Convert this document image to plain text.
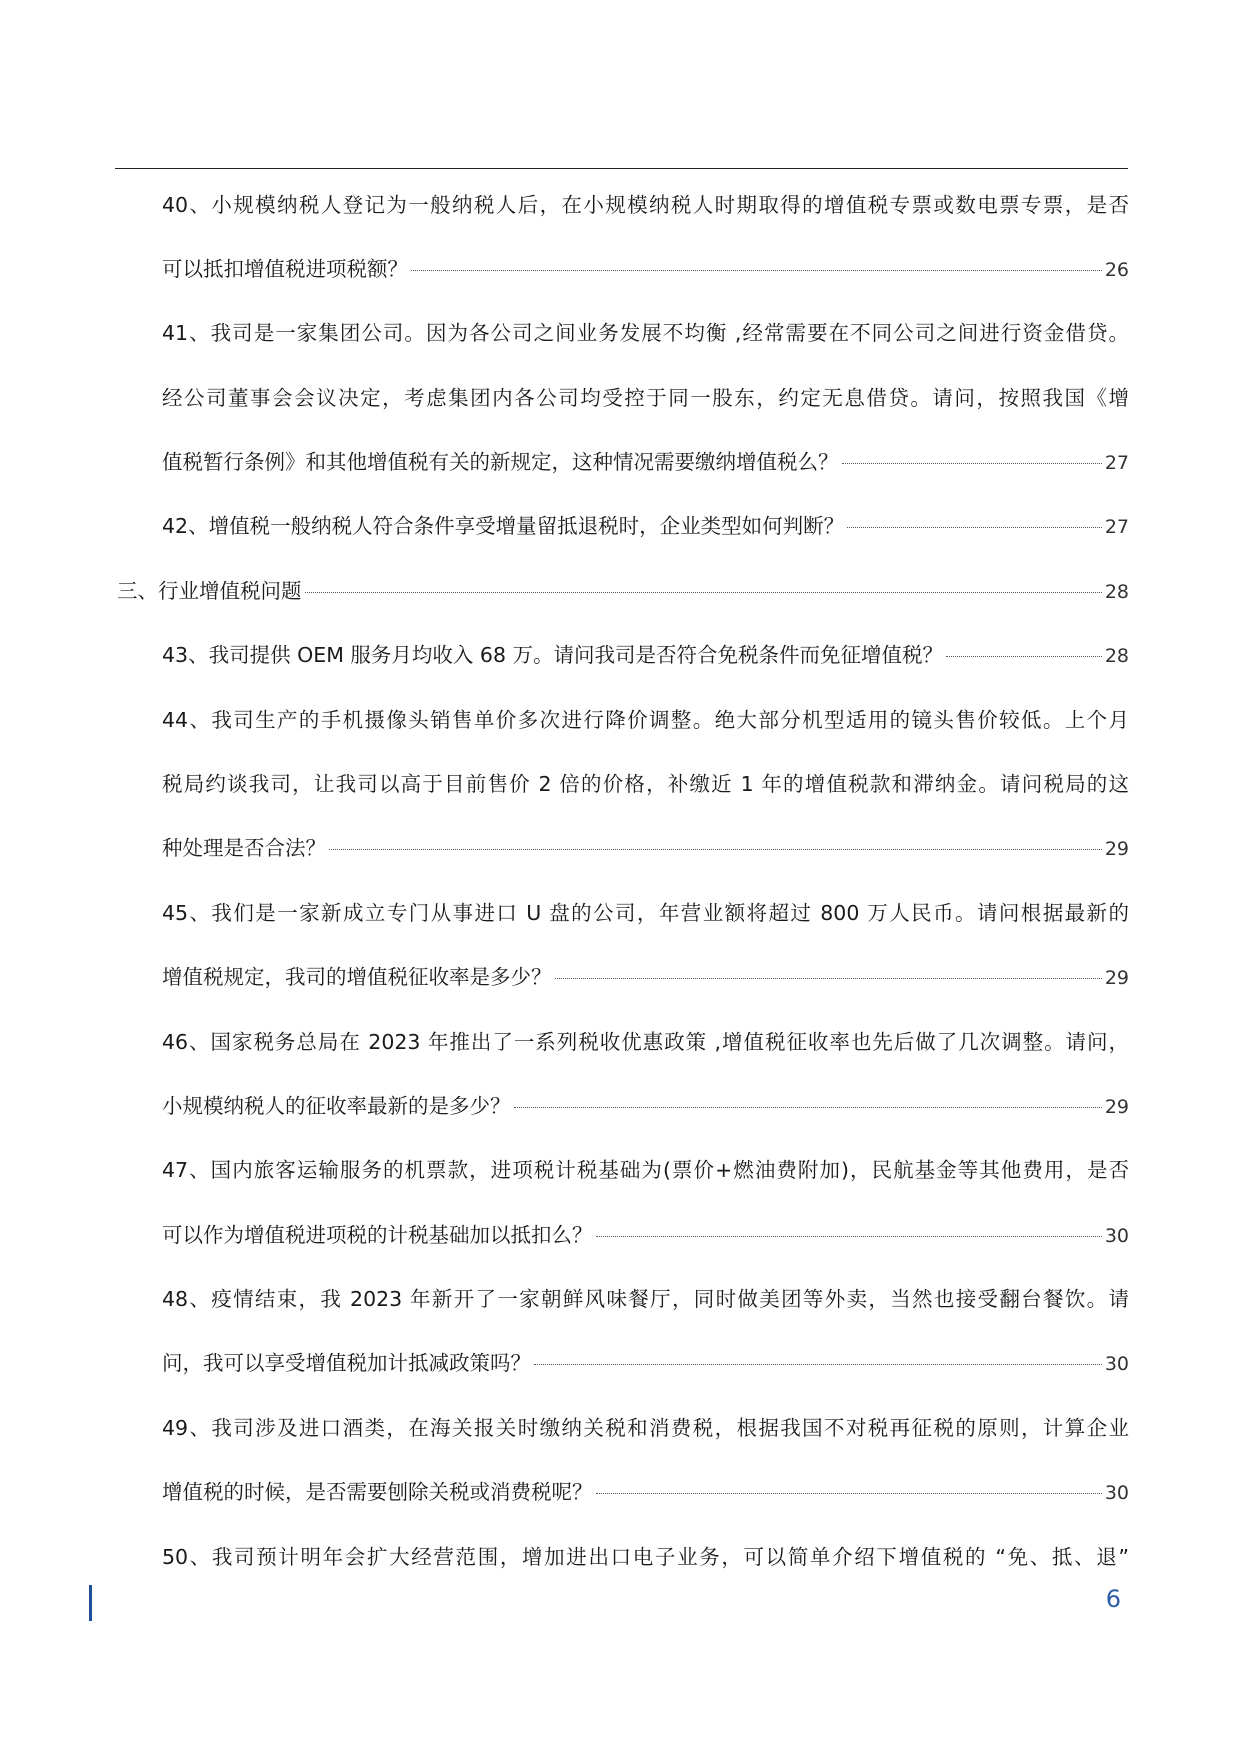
40、小规模纳税人登记为一般纳税人后，在小规模纳税人时期取得的增值税专票或数电票专票，是否
可以抵扣增值税进项税额？	26
41、我司是一家集团公司。因为各公司之间业务发展不均衡 ,经常需要在不同公司之间进行资金借贷。
经公司董事会会议决定，考虑集团内各公司均受控于同一股东，约定无息借贷。请问，按照我国《增
值税暂行条例》和其他增值税有关的新规定，这种情况需要缴纳增值税么？	27
42、增值税一般纳税人符合条件享受增量留抵退税时，企业类型如何判断？	27
三、行业增值税问题	28
43、我司提供 OEM 服务月均收入 68 万。请问我司是否符合免税条件而免征增值税？	28
44、我司生产的手机摄像头销售单价多次进行降价调整。绝大部分机型适用的镜头售价较低。上个月
税局约谈我司，让我司以高于目前售价 2 倍的价格，补缴近 1 年的增值税款和滞纳金。请问税局的这
种处理是否合法？	29
45、我们是一家新成立专门从事进口 U 盘的公司，年营业额将超过 800 万人民币。请问根据最新的
增值税规定，我司的增值税征收率是多少？	29
46、国家税务总局在 2023 年推出了一系列税收优惠政策 ,增值税征收率也先后做了几次调整。请问，
小规模纳税人的征收率最新的是多少？	29
47、国内旅客运输服务的机票款，进项税计税基础为(票价+燃油费附加)，民航基金等其他费用，是否
可以作为增值税进项税的计税基础加以抵扣么？	30
48、疫情结束，我 2023 年新开了一家朝鲜风味餐厅，同时做美团等外卖，当然也接受翻台餐饮。请
问，我可以享受增值税加计抵减政策吗？	30
49、我司涉及进口酒类，在海关报关时缴纳关税和消费税，根据我国不对税再征税的原则，计算企业
增值税的时候，是否需要刨除关税或消费税呢？	30
50、我司预计明年会扩大经营范围，增加进出口电子业务，可以简单介绍下增值税的 “免、抵、退”
6
